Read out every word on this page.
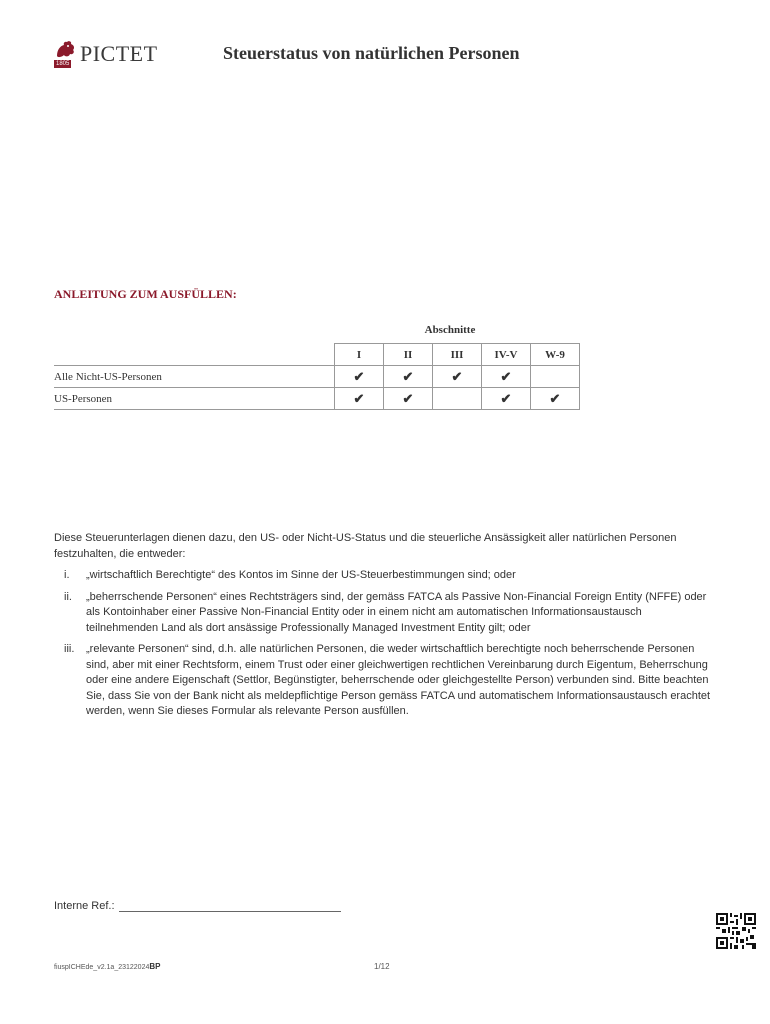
1805 PICTET	Steuerstatus von natürlichen Personen
ANLEITUNG ZUM AUSFÜLLEN:
Abschnitte
	I	II	III	IV-V	W-9
Alle Nicht-US-Personen	✔	✔	✔	✔	
US-Personen	✔	✔		✔	✔

Diese Steuerunterlagen dienen dazu, den US- oder Nicht-US-Status und die steuerliche Ansässigkeit aller natürlichen Personen festzuhalten, die entweder:

i. „wirtschaftlich Berechtigte“ des Kontos im Sinne der US-Steuerbestimmungen sind; oder
ii. „beherrschende Personen“ eines Rechtsträgers sind, der gemäss FATCA als Passive Non-Financial Foreign Entity (NFFE) oder als Kontoinhaber einer Passive Non-Financial Entity oder in einem nicht am automatischen Informationsaustausch teilnehmenden Land als dort ansässige Professionally Managed Investment Entity gilt; oder
iii. „relevante Personen“ sind, d.h. alle natürlichen Personen, die weder wirtschaftlich berechtigte noch beherrschende Personen sind, aber mit einer Rechtsform, einem Trust oder einer gleichwertigen rechtlichen Vereinbarung durch Eigentum, Beherrschung oder eine andere Eigenschaft (Settlor, Begünstigter, beherrschende oder gleichgestellte Person) verbunden sind. Bitte beachten Sie, dass Sie von der Bank nicht als meldepflichtige Person gemäss FATCA und automatischem Informationsaustausch erachtet werden, wenn Sie dieses Formular als relevante Person ausfüllen.
Interne Ref.:
fiuspICHEde_v2.1a_23122024BP	1/12
